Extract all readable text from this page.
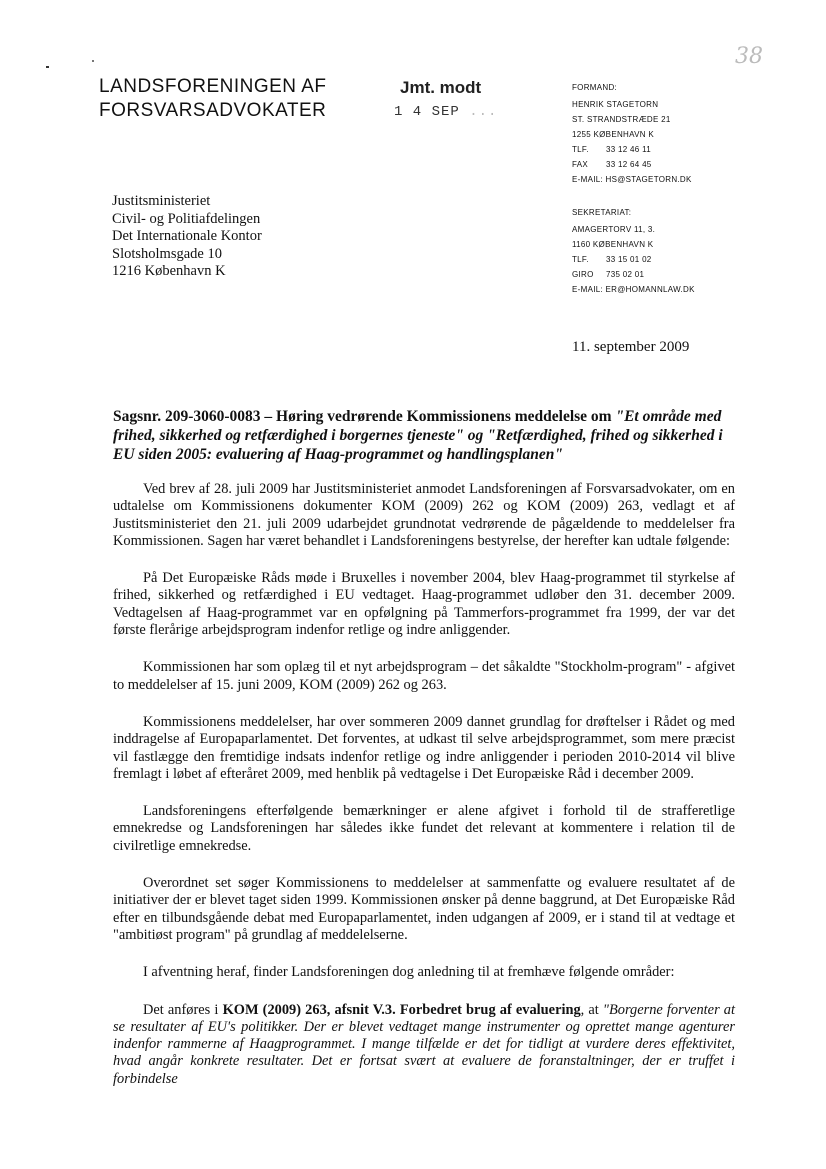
38
LANDSFORENINGEN AF
FORSVARSADVOKATER
Jmt. modt
1 4 SEP ...
FORMAND:
HENRIK STAGETORN
ST. STRANDSTRÆDE 21
1255 KØBENHAVN K
TLF. 33 12 46 11
FAX 33 12 64 45
E-MAIL: HS@STAGETORN.DK
SEKRETARIAT:
AMAGERTORV 11, 3.
1160 KØBENHAVN K
TLF. 33 15 01 02
GIRO 735 02 01
E-MAIL: ER@HOMANNLAW.DK
Justitsministeriet
Civil- og Politiafdelingen
Det Internationale Kontor
Slotsholmsgade 10
1216 København K
11. september 2009
Sagsnr. 209-3060-0083 – Høring vedrørende Kommissionens meddelelse om "Et område med frihed, sikkerhed og retfærdighed i borgernes tjeneste" og "Retfærdighed, frihed og sikkerhed i EU siden 2005: evaluering af Haag-programmet og handlingsplanen"

Ved brev af 28. juli 2009 har Justitsministeriet anmodet Landsforeningen af Forsvarsadvokater, om en udtalelse om Kommissionens dokumenter KOM (2009) 262 og KOM (2009) 263, vedlagt et af Justitsministeriet den 21. juli 2009 udarbejdet grundnotat vedrørende de pågældende to meddelelser fra Kommissionen. Sagen har været behandlet i Landsforeningens bestyrelse, der herefter kan udtale følgende:

På Det Europæiske Råds møde i Bruxelles i november 2004, blev Haag-programmet til styrkelse af frihed, sikkerhed og retfærdighed i EU vedtaget. Haag-programmet udløber den 31. december 2009. Vedtagelsen af Haag-programmet var en opfølgning på Tammerfors-programmet fra 1999, der var det første flerårige arbejdsprogram indenfor retlige og indre anliggender.

Kommissionen har som oplæg til et nyt arbejdsprogram – det såkaldte "Stockholm-program" - afgivet to meddelelser af 15. juni 2009, KOM (2009) 262 og 263.

Kommissionens meddelelser, har over sommeren 2009 dannet grundlag for drøftelser i Rådet og med inddragelse af Europaparlamentet. Det forventes, at udkast til selve arbejdsprogrammet, som mere præcist vil fastlægge den fremtidige indsats indenfor retlige og indre anliggender i perioden 2010-2014 vil blive fremlagt i løbet af efteråret 2009, med henblik på vedtagelse i Det Europæiske Råd i december 2009.

Landsforeningens efterfølgende bemærkninger er alene afgivet i forhold til de strafferetlige emnekredse og Landsforeningen har således ikke fundet det relevant at kommentere i relation til de civilretlige emnekredse.

Overordnet set søger Kommissionens to meddelelser at sammenfatte og evaluere resultatet af de initiativer der er blevet taget siden 1999. Kommissionen ønsker på denne baggrund, at Det Europæiske Råd efter en tilbundsgående debat med Europaparlamentet, inden udgangen af 2009, er i stand til at vedtage et "ambitiøst program" på grundlag af meddelelserne.

I afventning heraf, finder Landsforeningen dog anledning til at fremhæve følgende områder:

Det anføres i KOM (2009) 263, afsnit V.3. Forbedret brug af evaluering, at "Borgerne forventer at se resultater af EU's politikker. Der er blevet vedtaget mange instrumenter og oprettet mange agenturer indenfor rammerne af Haagprogrammet. I mange tilfælde er det for tidligt at vurdere deres effektivitet, hvad angår konkrete resultater. Det er fortsat svært at evaluere de foranstaltninger, der er truffet i forbindelse
